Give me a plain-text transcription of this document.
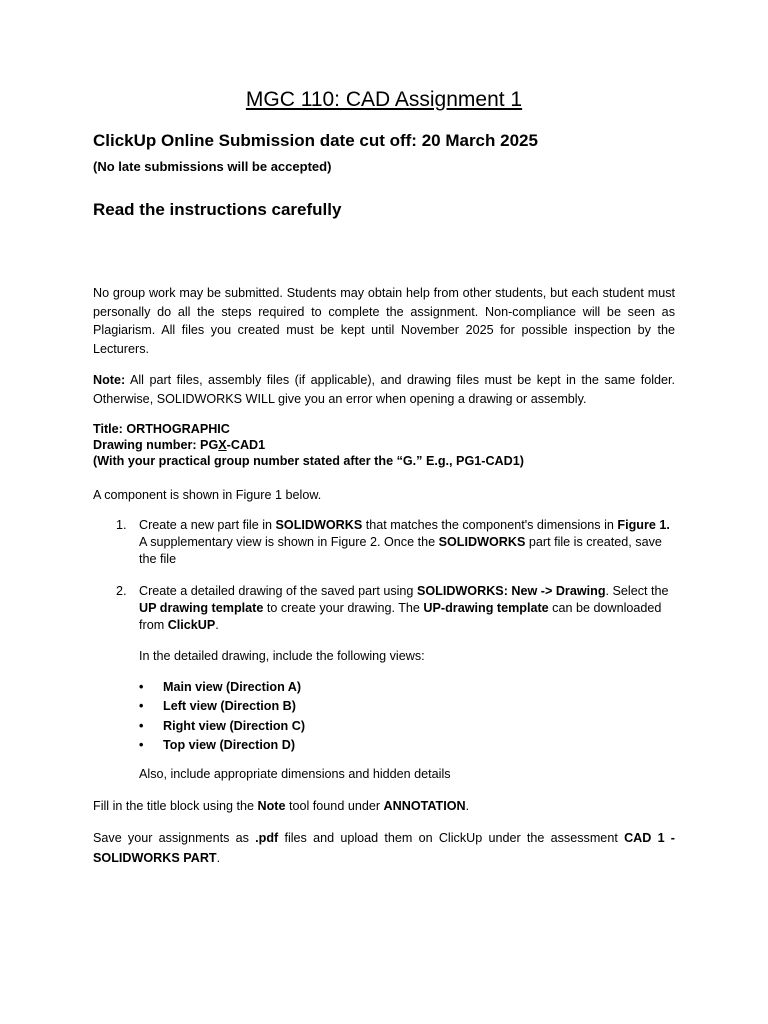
MGC 110: CAD Assignment 1
ClickUp Online Submission date cut off: 20 March 2025
(No late submissions will be accepted)
Read the instructions carefully
No group work may be submitted. Students may obtain help from other students, but each student must personally do all the steps required to complete the assignment. Non-compliance will be seen as Plagiarism. All files you created must be kept until November 2025 for possible inspection by the Lecturers.
Note: All part files, assembly files (if applicable), and drawing files must be kept in the same folder. Otherwise, SOLIDWORKS WILL give you an error when opening a drawing or assembly.
Title: ORTHOGRAPHIC
Drawing number: PGX-CAD1
(With your practical group number stated after the “G.” E.g., PG1-CAD1)
A component is shown in Figure 1 below.
1. Create a new part file in SOLIDWORKS that matches the component's dimensions in Figure 1. A supplementary view is shown in Figure 2. Once the SOLIDWORKS part file is created, save the file
2. Create a detailed drawing of the saved part using SOLIDWORKS: New -> Drawing. Select the UP drawing template to create your drawing. The UP-drawing template can be downloaded from ClickUP.
In the detailed drawing, include the following views:
• Main view (Direction A)
• Left view (Direction B)
• Right view (Direction C)
• Top view (Direction D)
Also, include appropriate dimensions and hidden details
Fill in the title block using the Note tool found under ANNOTATION.
Save your assignments as .pdf files and upload them on ClickUp under the assessment CAD 1 - SOLIDWORKS PART.
